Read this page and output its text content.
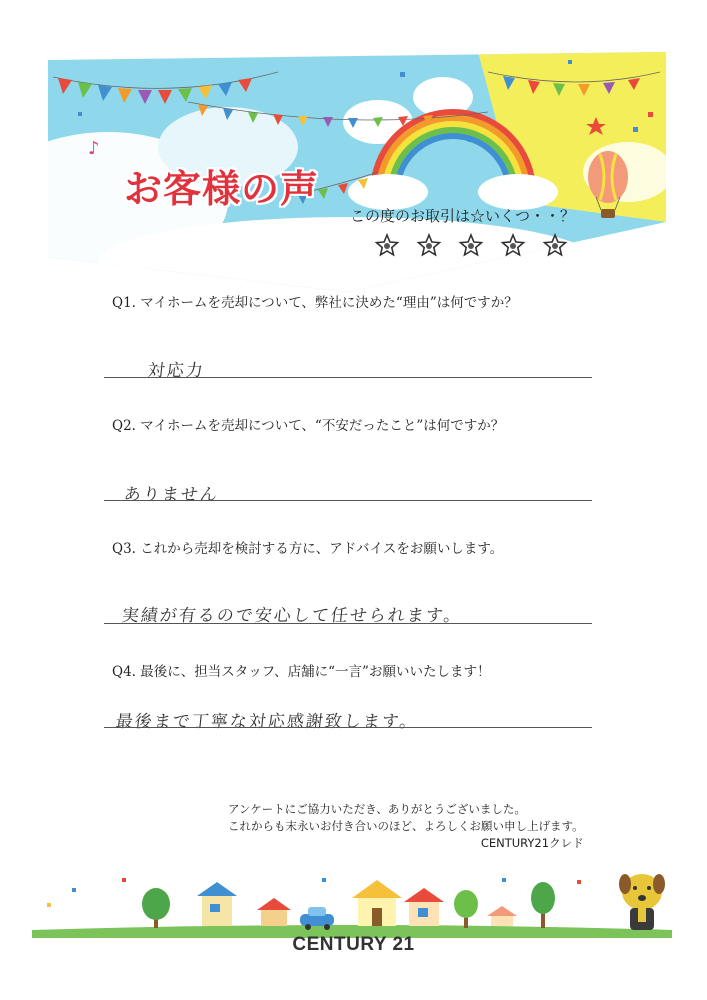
♪
お客様の声
この度のお取引は☆いくつ・・？
Q1. マイホームを売却について、弊社に決めた“理由”は何ですか？
対応力
Q2. マイホームを売却について、“不安だったこと”は何ですか？
ありません
Q3. これから売却を検討する方に、アドバイスをお願いします。
実績が有るので安心して任せられます。
Q4. 最後に、担当スタッフ、店舗に“一言”お願いいたします！
最後まで丁寧な対応感謝致します。
アンケートにご協力いただき、ありがとうございました。
これからも末永いお付き合いのほど、よろしくお願い申し上げます。
CENTURY21クレド
CENTURY 21
